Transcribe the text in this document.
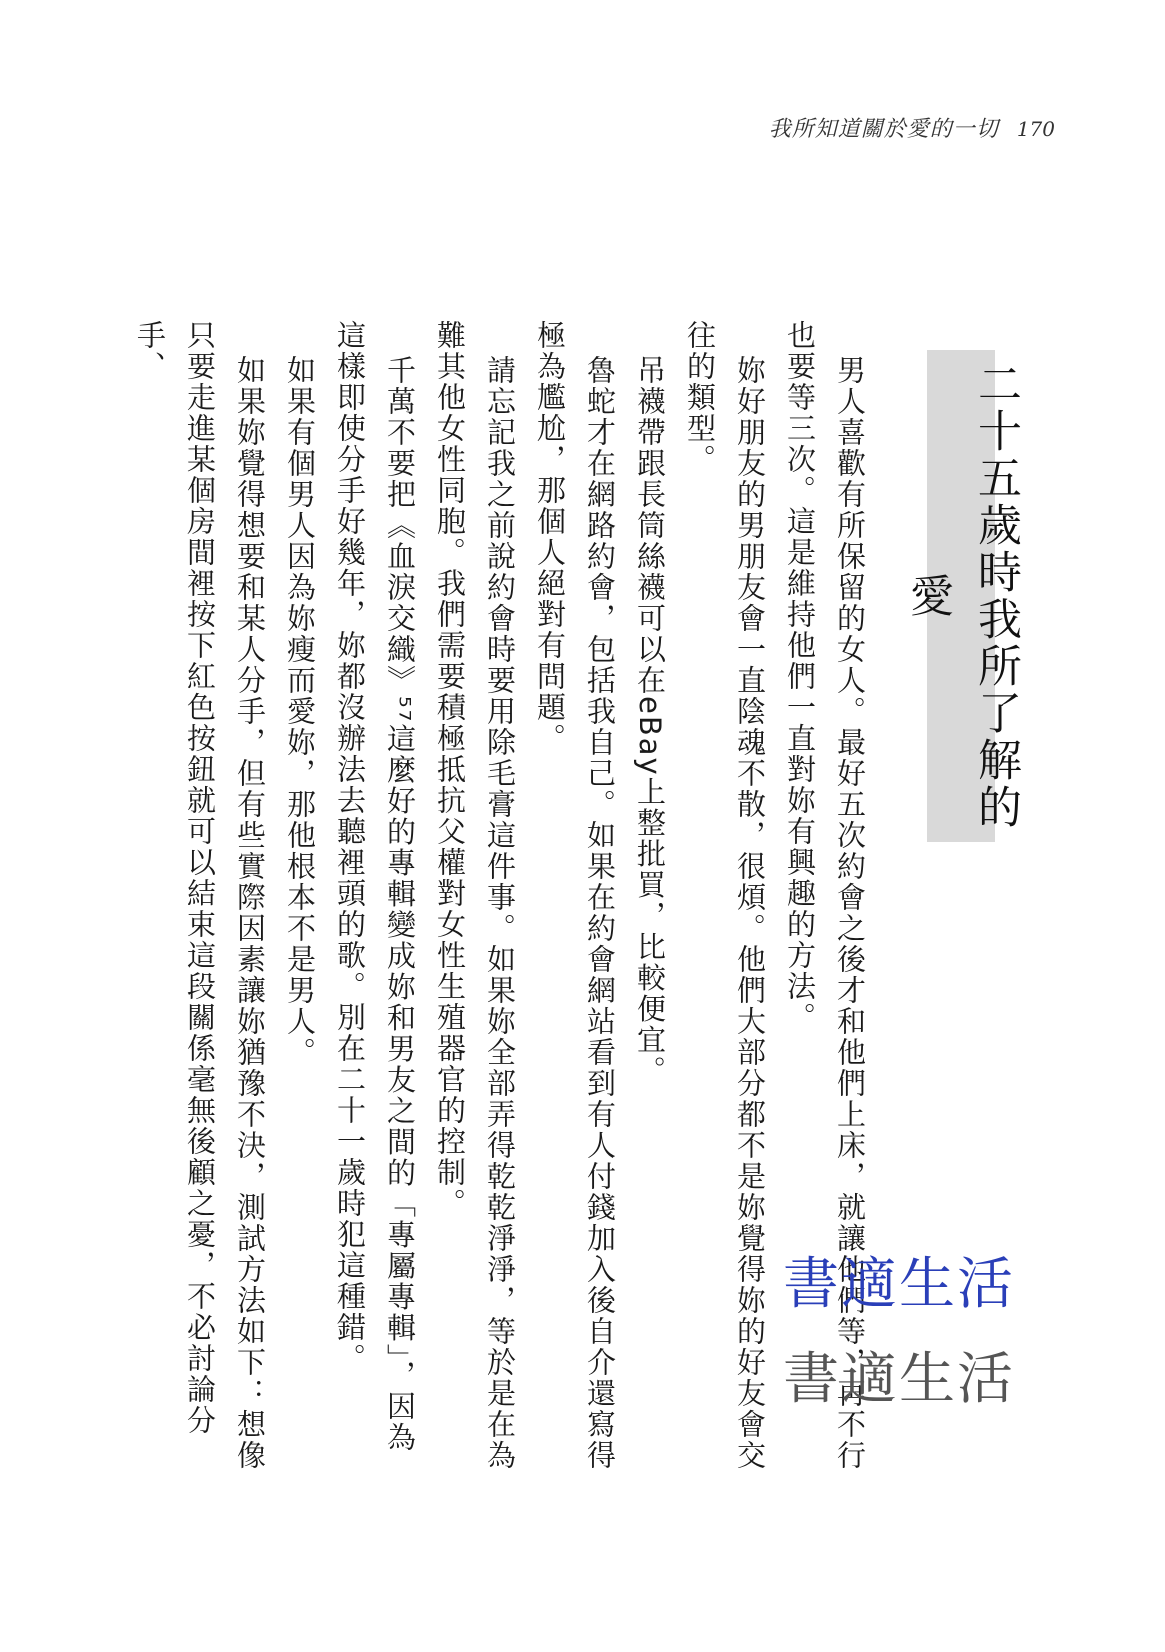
我所知道關於愛的一切 170
二十五歲時我所了解的愛

男人喜歡有所保留的女人。最好五次約會之後才和他們上床，就讓他們等，再不行也要等三次。這是維持他們一直對妳有興趣的方法。

妳好朋友的男朋友會一直陰魂不散，很煩。他們大部分都不是妳覺得妳的好友會交往的類型。

吊襪帶跟長筒絲襪可以在eBay上整批買，比較便宜。

魯蛇才在網路約會，包括我自己。如果在約會網站看到有人付錢加入後自介還寫得極為尷尬，那個人絕對有問題。

請忘記我之前說約會時要用除毛膏這件事。如果妳全部弄得乾乾淨淨，等於是在為難其他女性同胞。我們需要積極抵抗父權對女性生殖器官的控制。

千萬不要把《血淚交織》⁵⁷這麼好的專輯變成妳和男友之間的「專屬專輯」，因為這樣即使分手好幾年，妳都沒辦法去聽裡頭的歌。別在二十一歲時犯這種錯。

如果有個男人因為妳瘦而愛妳，那他根本不是男人。

如果妳覺得想要和某人分手，但有些實際因素讓妳猶豫不決，測試方法如下：想像只要走進某個房間裡按下紅色按鈕就可以結束這段關係毫無後顧之憂，不必討論分手、

書適生活
書適生活
